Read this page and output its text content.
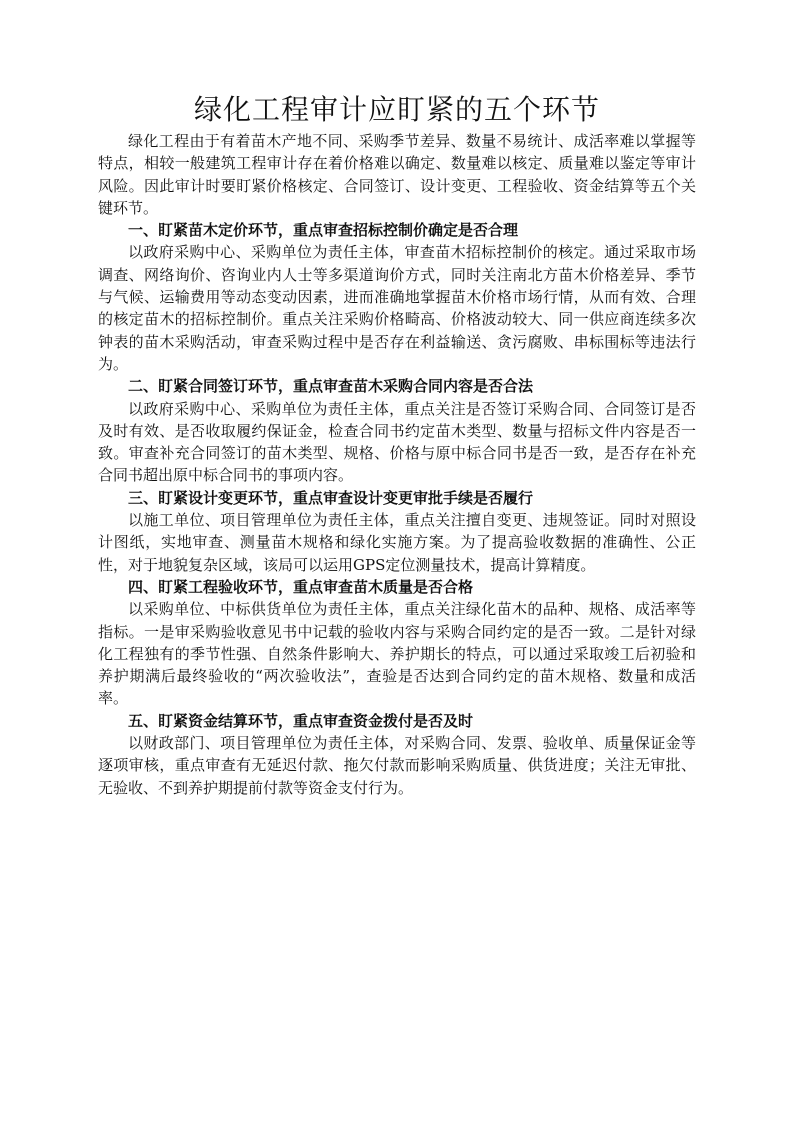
绿化工程审计应盯紧的五个环节

绿化工程由于有着苗木产地不同、采购季节差异、数量不易统计、成活率难以掌握等特点，相较一般建筑工程审计存在着价格难以确定、数量难以核定、质量难以鉴定等审计风险。因此审计时要盯紧价格核定、合同签订、设计变更、工程验收、资金结算等五个关键环节。

一、盯紧苗木定价环节，重点审查招标控制价确定是否合理

以政府采购中心、采购单位为责任主体，审查苗木招标控制价的核定。通过采取市场调查、网络询价、咨询业内人士等多渠道询价方式，同时关注南北方苗木价格差异、季节与气候、运输费用等动态变动因素，进而准确地掌握苗木价格市场行情，从而有效、合理的核定苗木的招标控制价。重点关注采购价格畸高、价格波动较大、同一供应商连续多次钟表的苗木采购活动，审查采购过程中是否存在利益输送、贪污腐败、串标围标等违法行为。

二、盯紧合同签订环节，重点审查苗木采购合同内容是否合法

以政府采购中心、采购单位为责任主体，重点关注是否签订采购合同、合同签订是否及时有效、是否收取履约保证金，检查合同书约定苗木类型、数量与招标文件内容是否一致。审查补充合同签订的苗木类型、规格、价格与原中标合同书是否一致，是否存在补充合同书超出原中标合同书的事项内容。

三、盯紧设计变更环节，重点审查设计变更审批手续是否履行

以施工单位、项目管理单位为责任主体，重点关注擅自变更、违规签证。同时对照设计图纸，实地审查、测量苗木规格和绿化实施方案。为了提高验收数据的准确性、公正性，对于地貌复杂区域，该局可以运用GPS定位测量技术，提高计算精度。

四、盯紧工程验收环节，重点审查苗木质量是否合格

以采购单位、中标供货单位为责任主体，重点关注绿化苗木的品种、规格、成活率等指标。一是审采购验收意见书中记载的验收内容与采购合同约定的是否一致。二是针对绿化工程独有的季节性强、自然条件影响大、养护期长的特点，可以通过采取竣工后初验和养护期满后最终验收的“两次验收法”，查验是否达到合同约定的苗木规格、数量和成活率。

五、盯紧资金结算环节，重点审查资金拨付是否及时

以财政部门、项目管理单位为责任主体，对采购合同、发票、验收单、质量保证金等逐项审核，重点审查有无延迟付款、拖欠付款而影响采购质量、供货进度；关注无审批、无验收、不到养护期提前付款等资金支付行为。
